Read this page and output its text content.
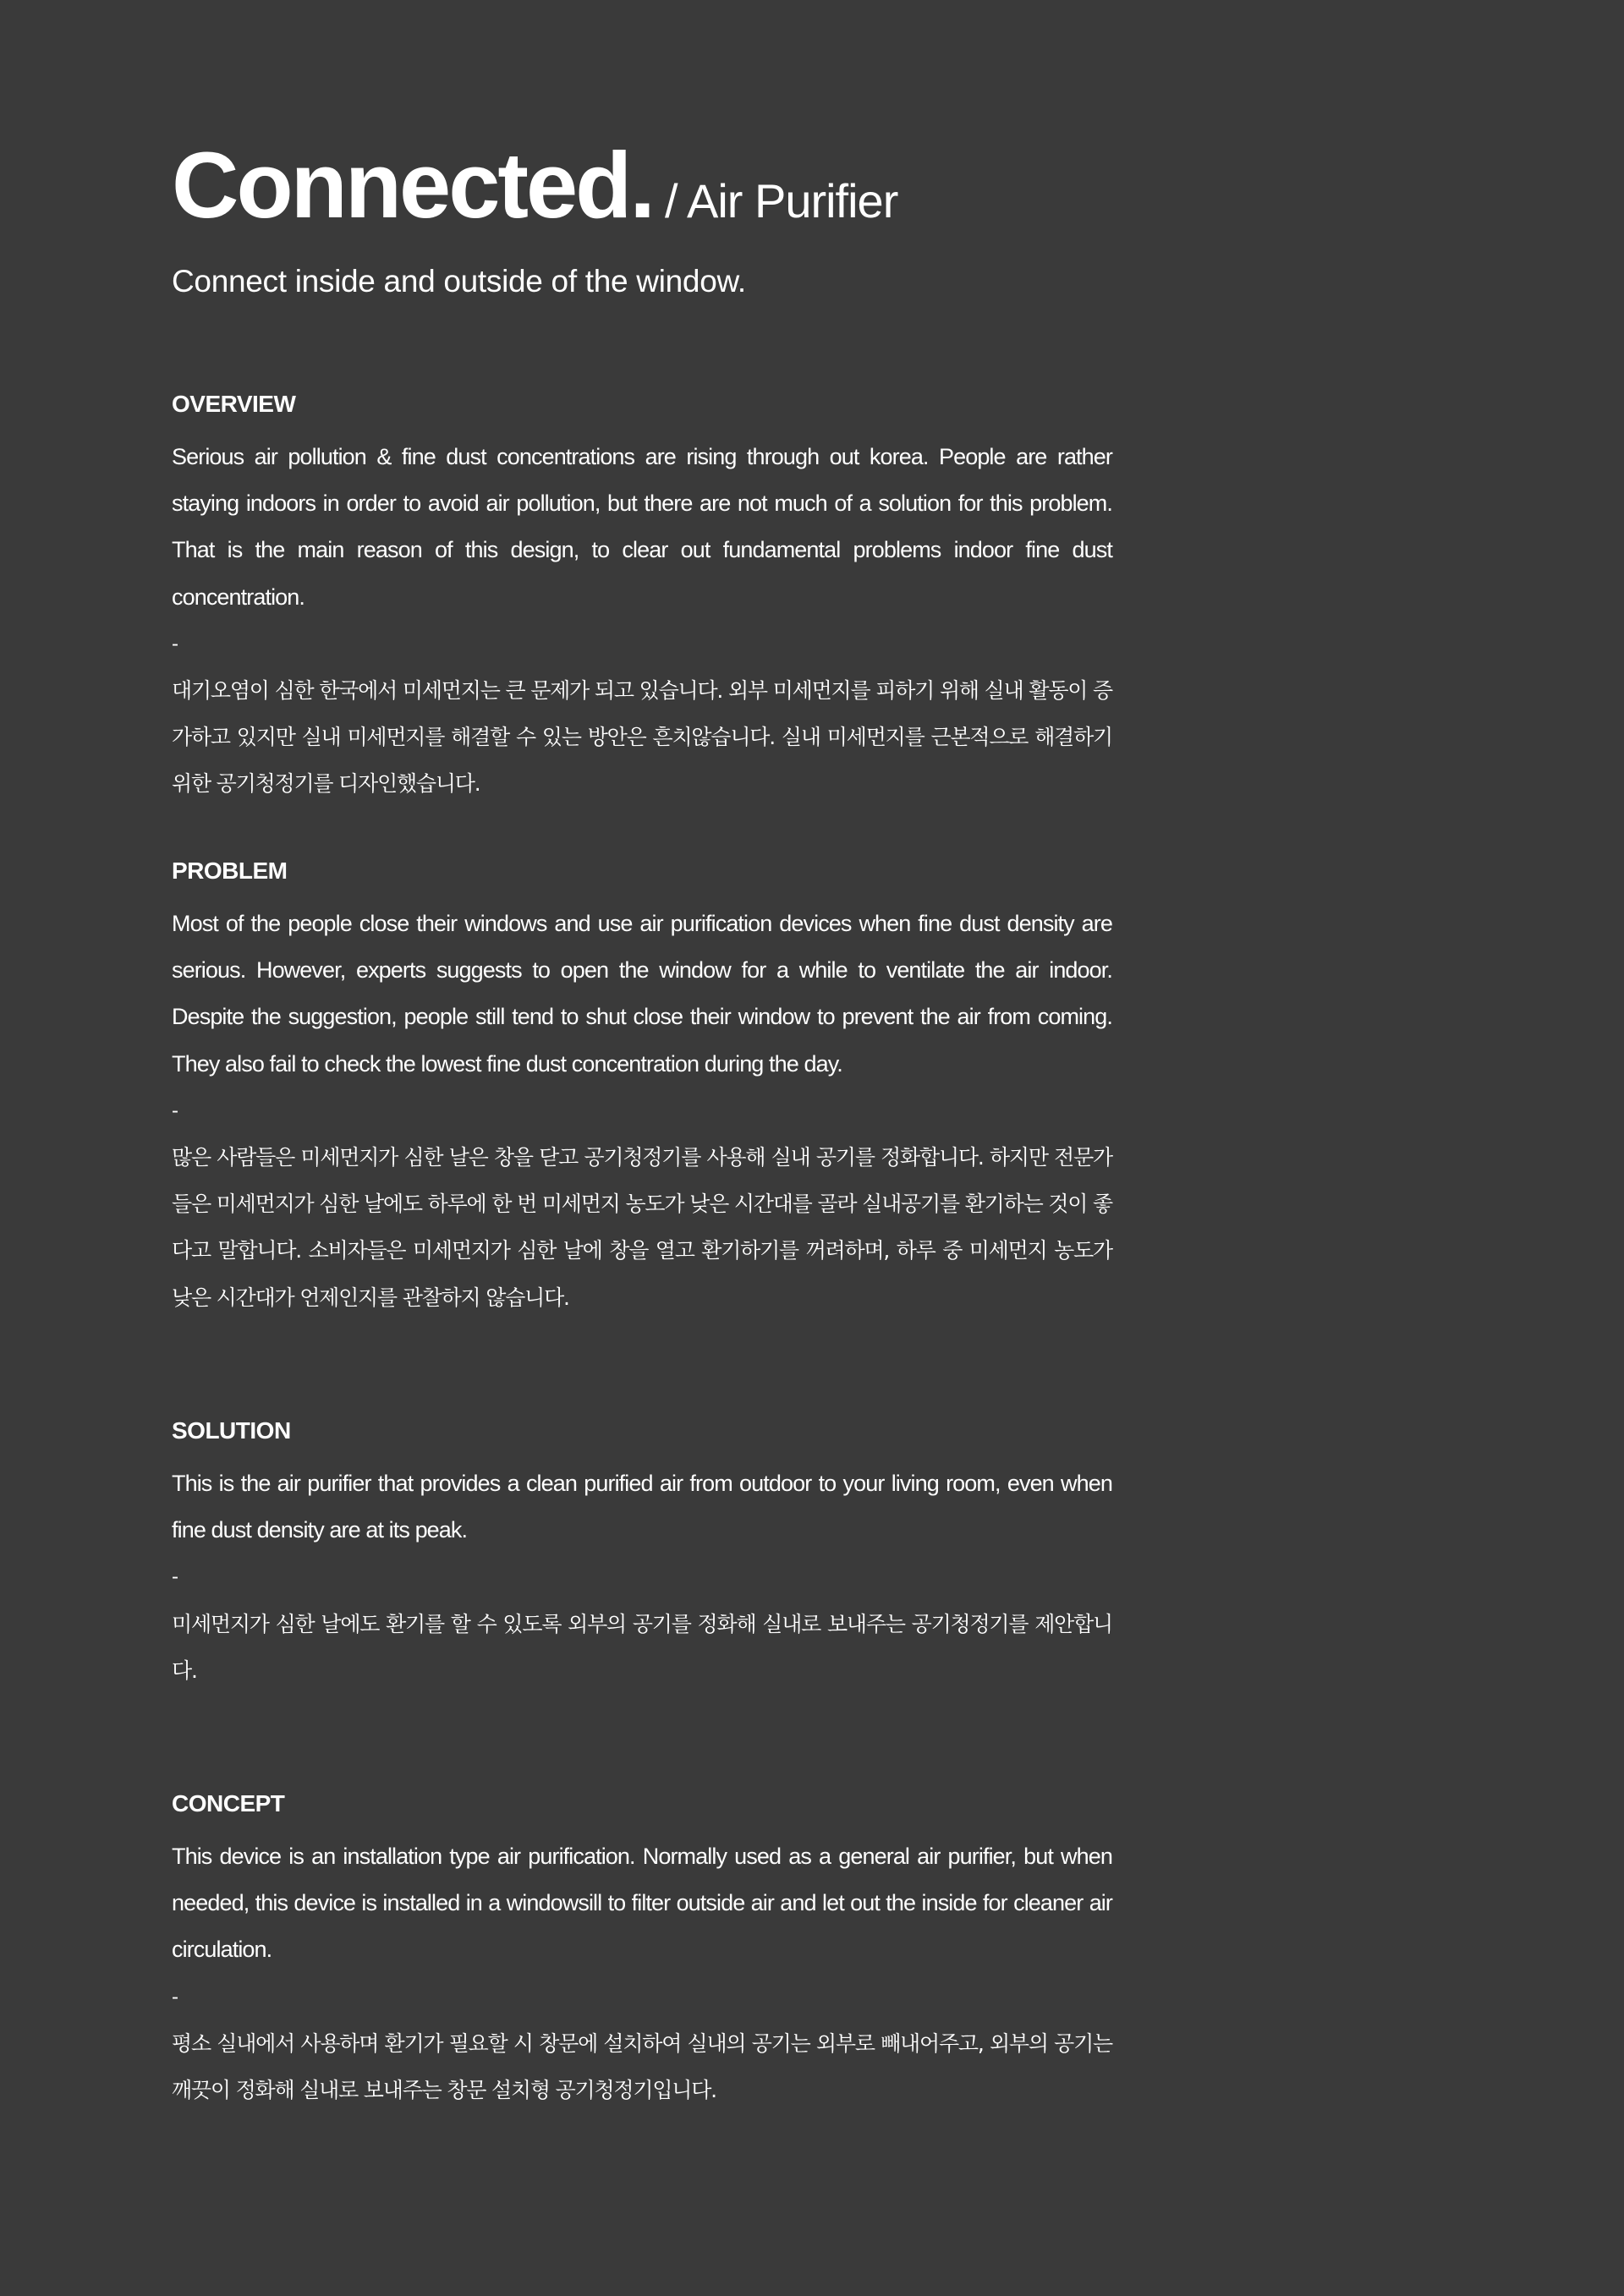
Connected. / Air Purifier
Connect inside and outside of the window.
OVERVIEW

Serious air pollution & fine dust concentrations are rising through out korea. People are rather staying indoors in order to avoid air pollution, but there are not much of a solution for this problem. That is the main reason of this design, to clear out fundamental problems indoor fine dust concentration.

-

대기오염이 심한 한국에서 미세먼지는 큰 문제가 되고 있습니다. 외부 미세먼지를 피하기 위해 실내 활동이 증가하고 있지만 실내 미세먼지를 해결할 수 있는 방안은 흔치않습니다. 실내 미세먼지를 근본적으로 해결하기 위한 공기청정기를 디자인했습니다.

PROBLEM

Most of the people close their windows and use air purification devices when fine dust density are serious. However, experts suggests to open the window for a while to ventilate the air indoor. Despite the suggestion, people still tend to shut close their window to prevent the air from coming. They also fail to check the lowest fine dust concentration during the day.

-

많은 사람들은 미세먼지가 심한 날은 창을 닫고 공기청정기를 사용해 실내 공기를 정화합니다. 하지만 전문가들은 미세먼지가 심한 날에도 하루에 한 번 미세먼지 농도가 낮은 시간대를 골라 실내공기를 환기하는 것이 좋다고 말합니다. 소비자들은 미세먼지가 심한 날에 창을 열고 환기하기를 꺼려하며, 하루 중 미세먼지 농도가 낮은 시간대가 언제인지를 관찰하지 않습니다.

SOLUTION

This is the air purifier that provides a clean purified air from outdoor to your living room, even when fine dust density are at its peak.

-

미세먼지가 심한 날에도 환기를 할 수 있도록 외부의 공기를 정화해 실내로 보내주는 공기청정기를 제안합니다.

CONCEPT

This device is an installation type air purification. Normally used as a general air purifier, but when needed, this device is installed in a windowsill to filter outside air and let out the inside for cleaner air circulation.

-

평소 실내에서 사용하며 환기가 필요할 시 창문에 설치하여 실내의 공기는 외부로 빼내어주고, 외부의 공기는 깨끗이 정화해 실내로 보내주는 창문 설치형 공기청정기입니다.
